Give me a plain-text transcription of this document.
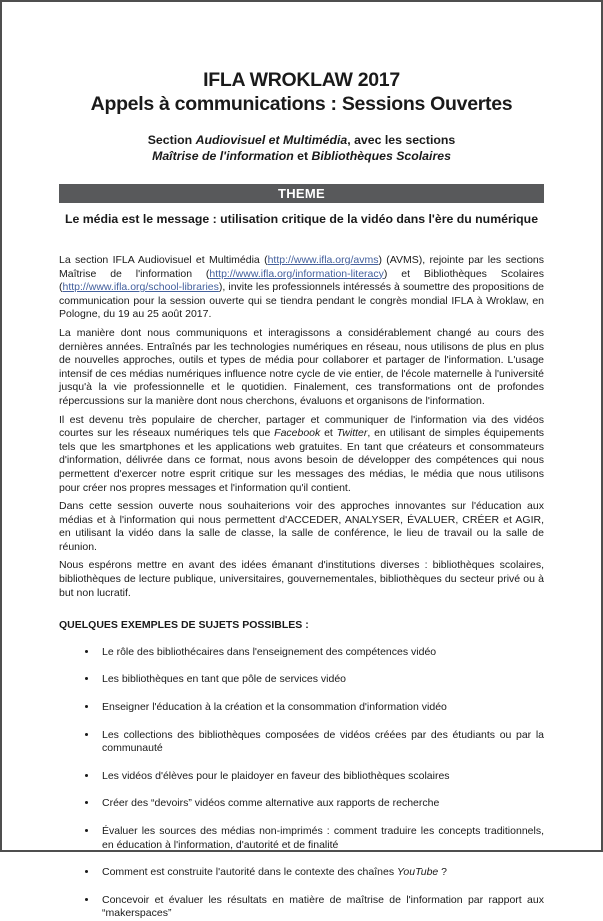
IFLA WROKLAW 2017
Appels à communications : Sessions Ouvertes
Section Audiovisuel et Multimédia, avec les sections
Maîtrise de l'information et Bibliothèques Scolaires
THEME
Le média est le message : utilisation critique de la vidéo dans l'ère du numérique

La section IFLA Audiovisuel et Multimédia (http://www.ifla.org/avms) (AVMS), rejointe par les sections Maîtrise de l'information (http://www.ifla.org/information-literacy) et Bibliothèques Scolaires (http://www.ifla.org/school-libraries), invite les professionnels intéressés à soumettre des propositions de communication pour la session ouverte qui se tiendra pendant le congrès mondial IFLA à Wroklaw, en Pologne, du 19 au 25 août 2017.

La manière dont nous communiquons et interagissons a considérablement changé au cours des dernières années. Entraînés par les technologies numériques en réseau, nous utilisons de plus en plus de nouvelles approches, outils et types de média pour collaborer et partager de l'information. L'usage intensif de ces médias numériques influence notre cycle de vie entier, de l'école maternelle à l'université jusqu'à la vie professionnelle et le quotidien. Finalement, ces transformations ont de profondes répercussions sur la manière dont nous cherchons, évaluons et organisons de l'information.

Il est devenu très populaire de chercher, partager et communiquer de l'information via des vidéos courtes sur les réseaux numériques tels que Facebook et Twitter, en utilisant de simples équipements tels que les smartphones et les applications web gratuites. En tant que créateurs et consommateurs d'information, délivrée dans ce format, nous avons besoin de développer des compétences qui nous permettent d'exercer notre esprit critique sur les messages des médias, le média que nous utilisons pour créer nos propres messages et l'information qu'il contient.

Dans cette session ouverte nous souhaiterions voir des approches innovantes sur l'éducation aux médias et à l'information qui nous permettent d'ACCEDER, ANALYSER, ÉVALUER, CRÉER et AGIR, en utilisant la vidéo dans la salle de classe, la salle de conférence, le lieu de travail ou la salle de réunion.

Nous espérons mettre en avant des idées émanant d'institutions diverses : bibliothèques scolaires, bibliothèques de lecture publique, universitaires, gouvernementales, bibliothèques du secteur privé ou à but non lucratif.

QUELQUES EXEMPLES DE SUJETS POSSIBLES :
• Le rôle des bibliothécaires dans l'enseignement des compétences vidéo
• Les bibliothèques en tant que pôle de services vidéo
• Enseigner l'éducation à la création et la consommation d'information vidéo
• Les collections des bibliothèques composées de vidéos créées par des étudiants ou par la communauté
• Les vidéos d'élèves pour le plaidoyer en faveur des bibliothèques scolaires
• Créer des “devoirs” vidéos comme alternative aux rapports de recherche
• Évaluer les sources des médias non-imprimés : comment traduire les concepts traditionnels, en éducation à l'information, d'autorité et de finalité
• Comment est construite l'autorité dans le contexte des chaînes YouTube ?
• Concevoir et évaluer les résultats en matière de maîtrise de l'information par rapport aux “makerspaces”
